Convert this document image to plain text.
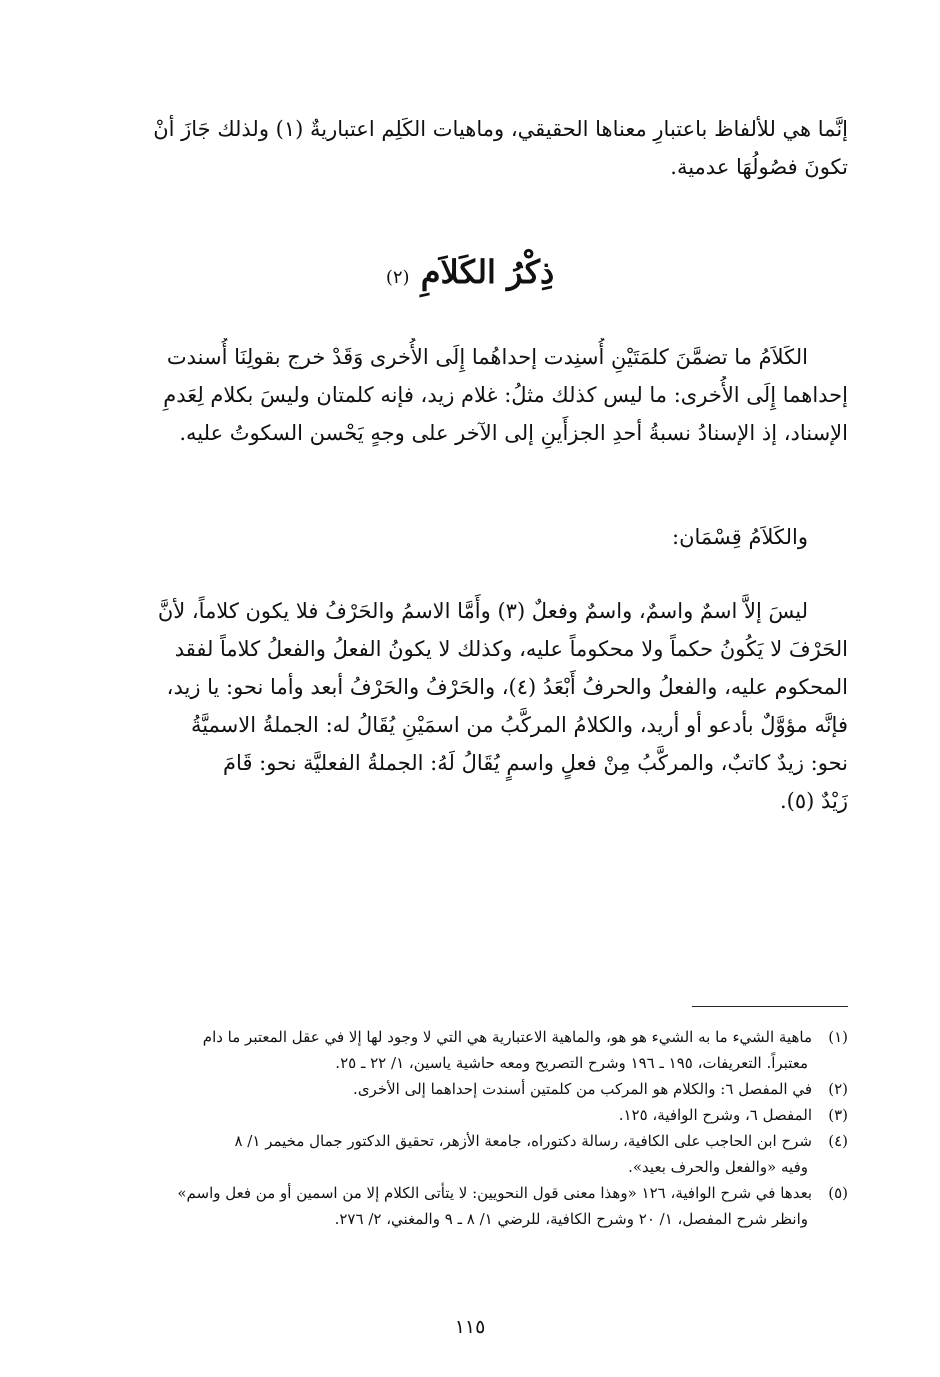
إنَّما هي للألفاظ باعتبارِ معناها الحقيقي، وماهيات الكَلِم اعتباريةٌ (١) ولذلك جَازَ أنْ
تكونَ فصُولُهَا عدمية.
ذِكْرُ الكَلاَمِ (٢)
الكَلاَمُ ما تضمَّنَ كلمَتَيْنِ أُسنِدت إحداهُما إِلَى الأُخرى وَقَدْ خرج بقولِنَا أُسندت
إحداهما إِلَى الأُخرى: ما ليس كذلك مثلُ: غلام زيد، فإنه كلمتان وليسَ بكلام لِعَدمِ
الإسناد، إذ الإسنادُ نسبةُ أحدِ الجزأَينِ إلى الآخر على وجهٍ يَحْسن السكوتُ عليه.
والكَلاَمُ قِسْمَان:
ليسَ إلاَّ اسمٌ واسمٌ، واسمٌ وفعلٌ (٣) وأَمَّا الاسمُ والحَرْفُ فلا يكون كلاماً، لأنَّ
الحَرْفَ لا يَكُونُ حكماً ولا محكوماً عليه، وكذلك لا يكونُ الفعلُ والفعلُ كلاماً لفقد
المحكوم عليه، والفعلُ والحرفُ أَبْعَدُ (٤)، والحَرْفُ والحَرْفُ أبعد وأما نحو: يا زيد،
فإنَّه مؤوَّلٌ بأدعو أو أريد، والكلامُ المركَّبُ من اسمَيْنِ يُقَالُ له: الجملةُ الاسميَّةُ
نحو: زيدٌ كاتبٌ، والمركَّبُ مِنْ فعلٍ واسمٍ يُقَالُ لَهُ: الجملةُ الفعليَّة نحو: قَامَ
زَيْدٌ (٥).
(١)ماهية الشيء ما به الشيء هو هو، والماهية الاعتبارية هي التي لا وجود لها إلا في عقل المعتبر ما دام
معتبراً. التعريفات، ١٩٥ ـ ١٩٦ وشرح التصريح ومعه حاشية ياسين، ١/ ٢٢ ـ ٢٥.
(٢)في المفصل ٦: والكلام هو المركب من كلمتين أسندت إحداهما إلى الأخرى.
(٣)المفصل ٦، وشرح الوافية، ١٢٥.
(٤)شرح ابن الحاجب على الكافية، رسالة دكتوراه، جامعة الأزهر، تحقيق الدكتور جمال مخيمر ١/ ٨
وفيه «والفعل والحرف بعيد».
(٥)بعدها في شرح الوافية، ١٢٦ «وهذا معنى قول النحويين: لا يتأتى الكلام إلا من اسمين أو من فعل واسم»
وانظر شرح المفصل، ١/ ٢٠ وشرح الكافية، للرضي ١/ ٨ ـ ٩ والمغني، ٢/ ٢٧٦.
١١٥
